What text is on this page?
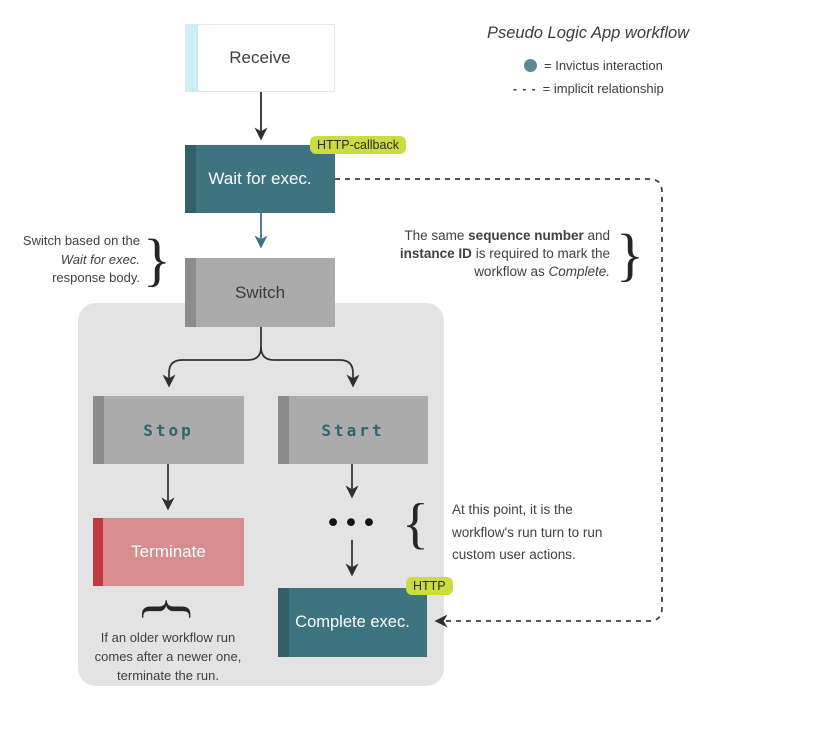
Receive
Wait for exec.
HTTP-callback
Switch
Stop	Start
Terminate
•••
Complete exec.
HTTP
Pseudo Logic App workflow
= Invictus interaction
- - - = implicit relationship
Switch based on the
Wait for exec.
response body. }	The same sequence number and
instance ID is required to mark the
workflow as Complete. }
{ At this point, it is the
workflow's run turn to run
custom user actions.
{
If an older workflow run
comes after a newer one,
terminate the run.
